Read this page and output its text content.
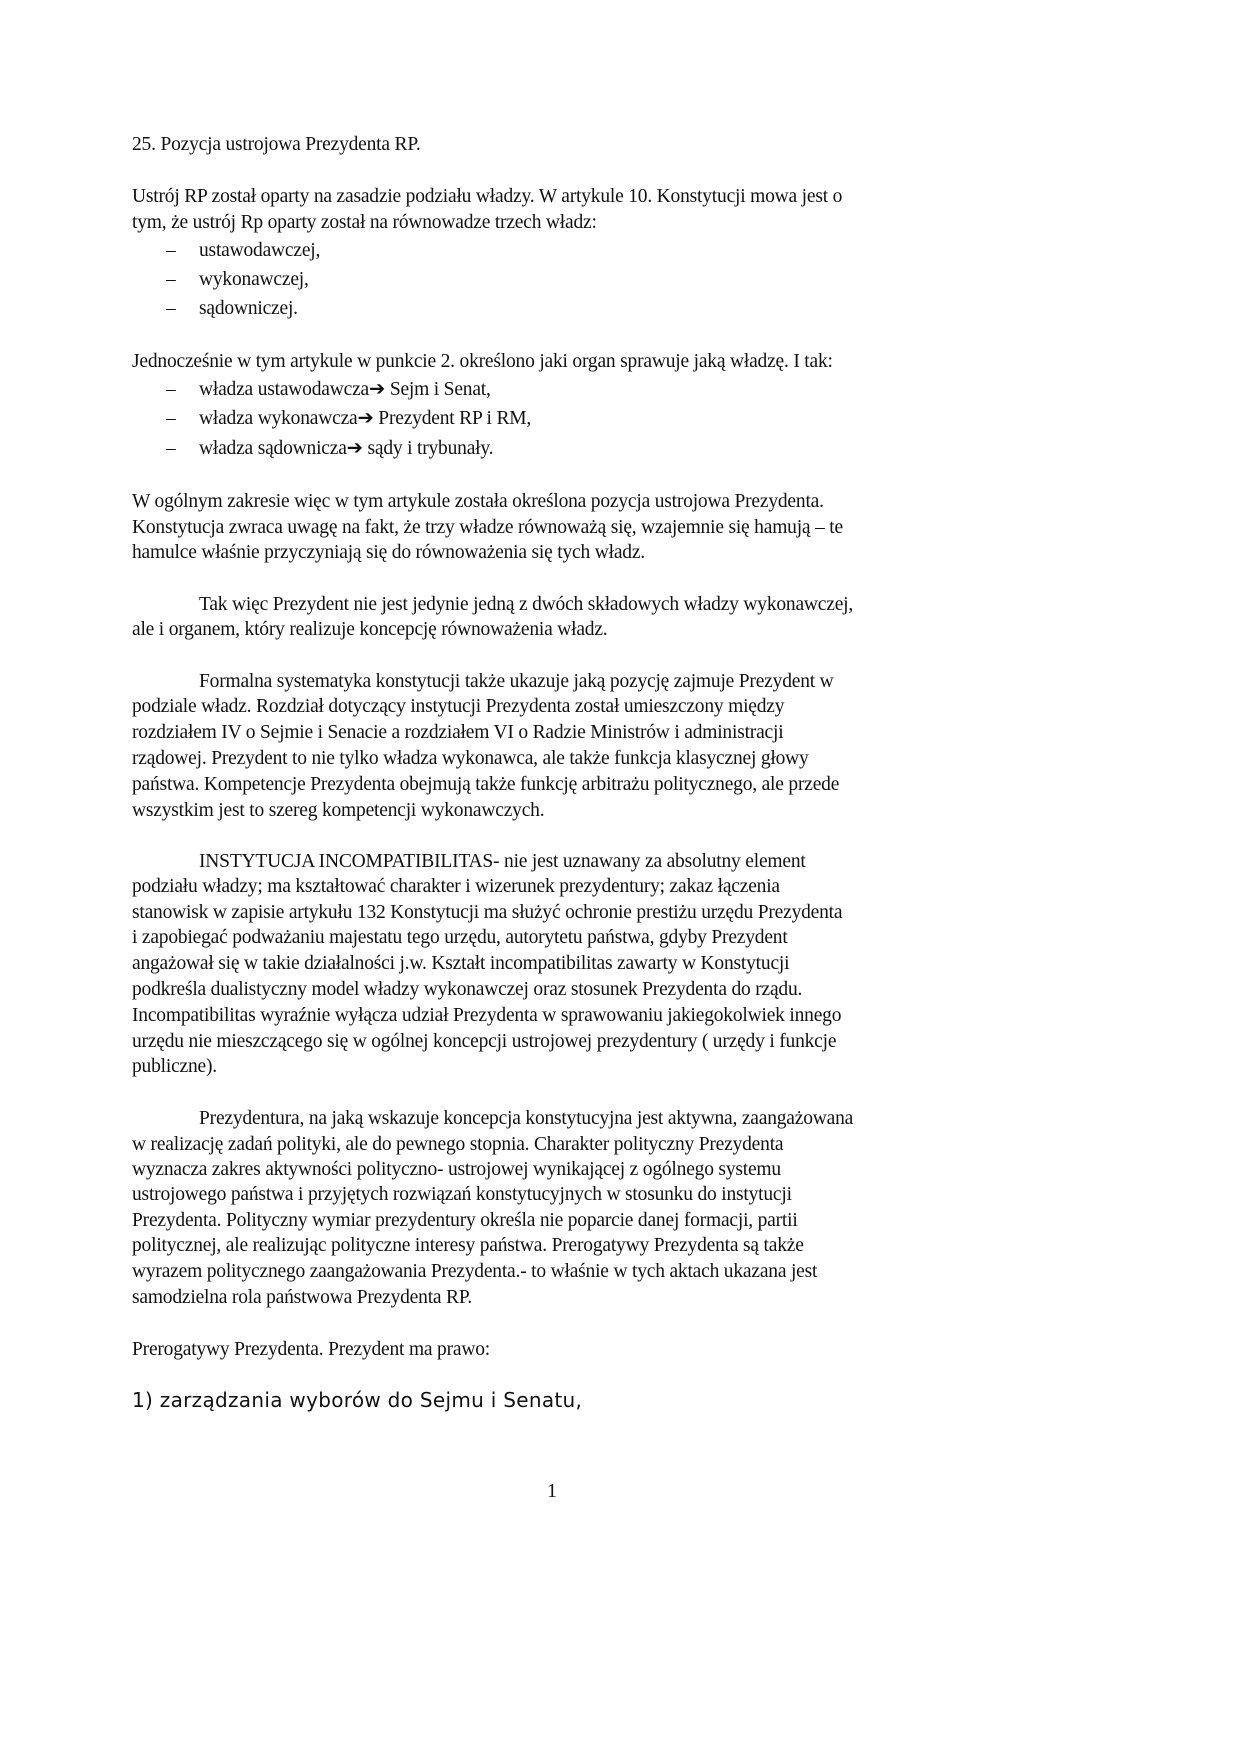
25. Pozycja ustrojowa Prezydenta RP.
Ustrój RP został oparty na zasadzie podziału władzy. W artykule 10. Konstytucji mowa jest o
tym, że ustrój Rp oparty został na równowadze trzech władz:
– ustawodawczej,
– wykonawczej,
– sądowniczej.
Jednocześnie w tym artykule w punkcie 2. określono jaki organ sprawuje jaką władzę. I tak:
– władza ustawodawcza➔ Sejm i Senat,
– władza wykonawcza➔ Prezydent RP i RM,
– władza sądownicza➔ sądy i trybunały.
W ogólnym zakresie więc w tym artykule została określona pozycja ustrojowa Prezydenta.
Konstytucja zwraca uwagę na fakt, że trzy władze równoważą się, wzajemnie się hamują – te
hamulce właśnie przyczyniają się do równoważenia się tych władz.
Tak więc Prezydent nie jest jedynie jedną z dwóch składowych władzy wykonawczej,
ale i organem, który realizuje koncepcję równoważenia władz.
Formalna systematyka konstytucji także ukazuje jaką pozycję zajmuje Prezydent w
podziale władz. Rozdział dotyczący instytucji Prezydenta został umieszczony między
rozdziałem IV o Sejmie i Senacie a rozdziałem VI o Radzie Ministrów i administracji
rządowej. Prezydent to nie tylko władza wykonawca, ale także funkcja klasycznej głowy
państwa. Kompetencje Prezydenta obejmują także funkcję arbitrażu politycznego, ale przede
wszystkim jest to szereg kompetencji wykonawczych.
INSTYTUCJA INCOMPATIBILITAS- nie jest uznawany za absolutny element
podziału władzy; ma kształtować charakter i wizerunek prezydentury; zakaz łączenia
stanowisk w zapisie artykułu 132 Konstytucji ma służyć ochronie prestiżu urzędu Prezydenta
i zapobiegać podważaniu majestatu tego urzędu, autorytetu państwa, gdyby Prezydent
angażował się w takie działalności j.w. Kształt incompatibilitas zawarty w Konstytucji
podkreśla dualistyczny model władzy wykonawczej oraz stosunek Prezydenta do rządu.
Incompatibilitas wyraźnie wyłącza udział Prezydenta w sprawowaniu jakiegokolwiek innego
urzędu nie mieszczącego się w ogólnej koncepcji ustrojowej prezydentury ( urzędy i funkcje
publiczne).
Prezydentura, na jaką wskazuje koncepcja konstytucyjna jest aktywna, zaangażowana
w realizację zadań polityki, ale do pewnego stopnia. Charakter polityczny Prezydenta
wyznacza zakres aktywności polityczno- ustrojowej wynikającej z ogólnego systemu
ustrojowego państwa i przyjętych rozwiązań konstytucyjnych w stosunku do instytucji
Prezydenta. Polityczny wymiar prezydentury określa nie poparcie danej formacji, partii
politycznej, ale realizując polityczne interesy państwa. Prerogatywy Prezydenta są także
wyrazem politycznego zaangażowania Prezydenta.- to właśnie w tych aktach ukazana jest
samodzielna rola państwowa Prezydenta RP.
Prerogatywy Prezydenta. Prezydent ma prawo:
1) zarządzania wyborów do Sejmu i Senatu,
1
